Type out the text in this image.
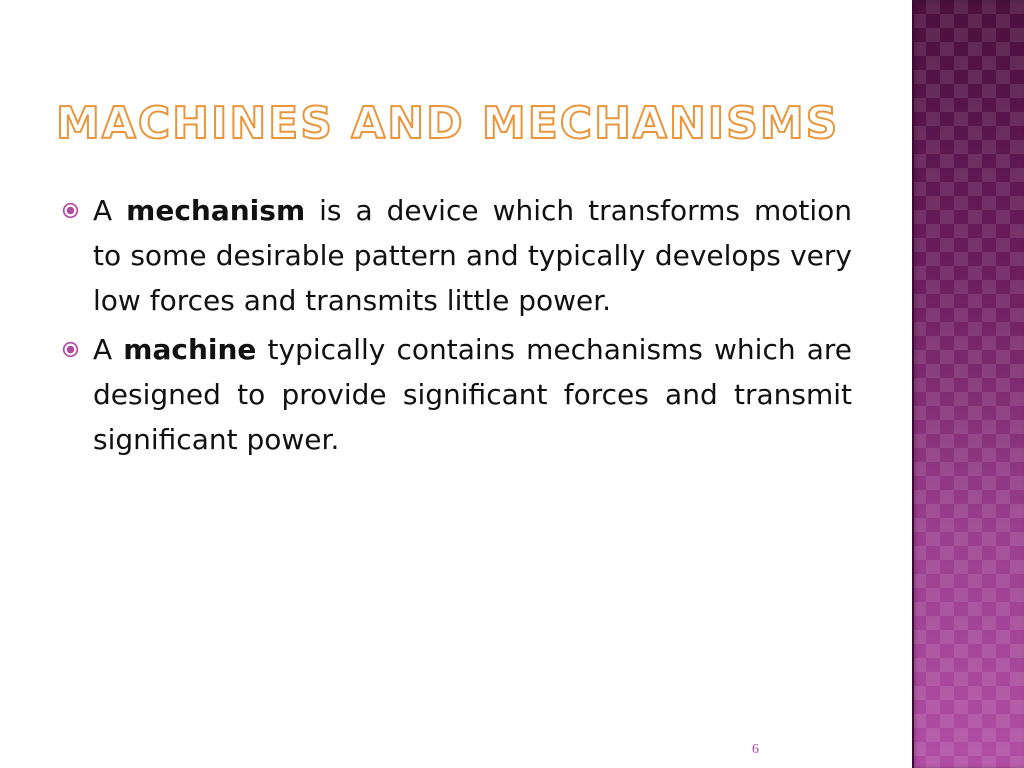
MACHINES AND MECHANISMS

A mechanism is a device which transforms motion to some desirable pattern and typically develops very low forces and transmits little power.

A machine typically contains mechanisms which are designed to provide significant forces and transmit significant power.

6
